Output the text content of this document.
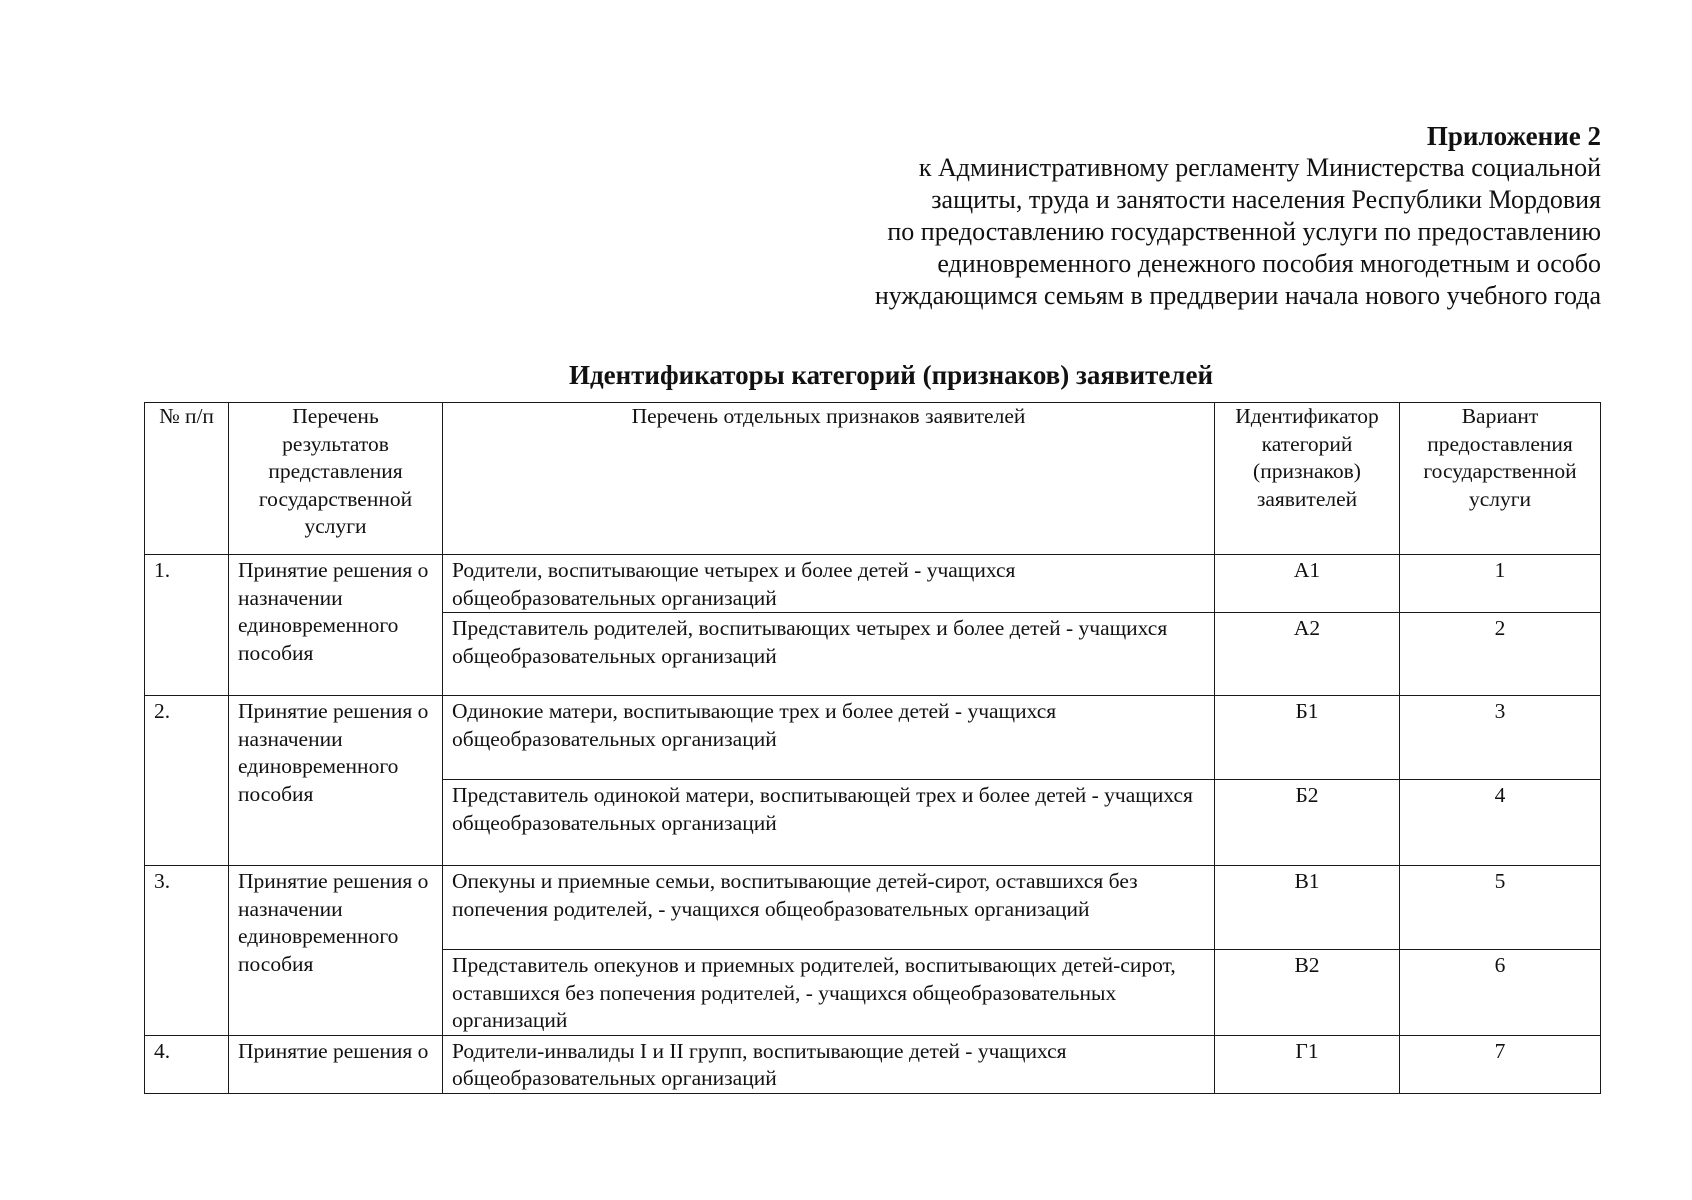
Приложение 2
к Административному регламенту Министерства социальной
защиты, труда и занятости населения Республики Мордовия
по предоставлению государственной услуги по предоставлению
единовременного денежного пособия многодетным и особо
нуждающимся семьям в преддверии начала нового учебного года
Идентификаторы категорий (признаков) заявителей
№ п/п	Перечень результатов представления государственной услуги	Перечень отдельных признаков заявителей	Идентификатор категорий (признаков) заявителей	Вариант предоставления государственной услуги
1.	Принятие решения о назначении единовременного пособия	Родители, воспитывающие четырех и более детей - учащихся общеобразовательных организаций	А1	1
		Представитель родителей, воспитывающих четырех и более детей - учащихся общеобразовательных организаций	А2	2
2.	Принятие решения о назначении единовременного пособия	Одинокие матери, воспитывающие трех и более детей - учащихся общеобразовательных организаций	Б1	3
		Представитель одинокой матери, воспитывающей трех и более детей - учащихся общеобразовательных организаций	Б2	4
3.	Принятие решения о назначении единовременного пособия	Опекуны и приемные семьи, воспитывающие детей-сирот, оставшихся без попечения родителей, - учащихся общеобразовательных организаций	В1	5
		Представитель опекунов и приемных родителей, воспитывающих детей-сирот, оставшихся без попечения родителей, - учащихся общеобразовательных организаций	В2	6
4.	Принятие решения о	Родители-инвалиды I и II групп, воспитывающие детей - учащихся общеобразовательных организаций	Г1	7
